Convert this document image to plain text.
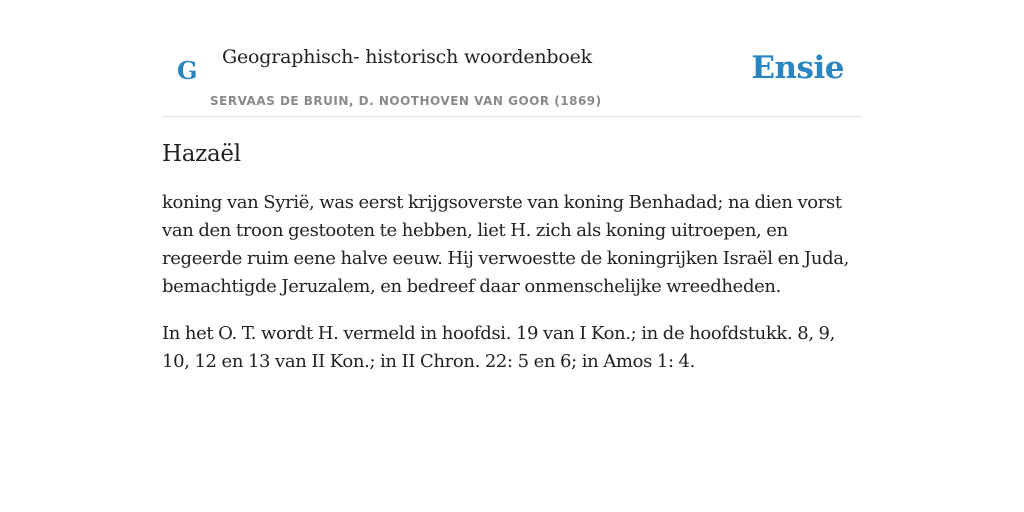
G Geographisch- historisch woordenboek
SERVAAS DE BRUIN, D. NOOTHOVEN VAN GOOR (1869)
Ensie
Hazaël

koning van Syrië, was eerst krijgsoverste van koning Benhadad; na dien vorst van den troon gestooten te hebben, liet H. zich als koning uitroepen, en regeerde ruim eene halve eeuw. Hij verwoestte de koningrijken Israël en Juda, bemachtigde Jeruzalem, en bedreef daar onmenschelijke wreedheden.

In het O. T. wordt H. vermeld in hoofdsi. 19 van I Kon.; in de hoofdstukk. 8, 9, 10, 12 en 13 van II Kon.; in II Chron. 22: 5 en 6; in Amos 1: 4.
